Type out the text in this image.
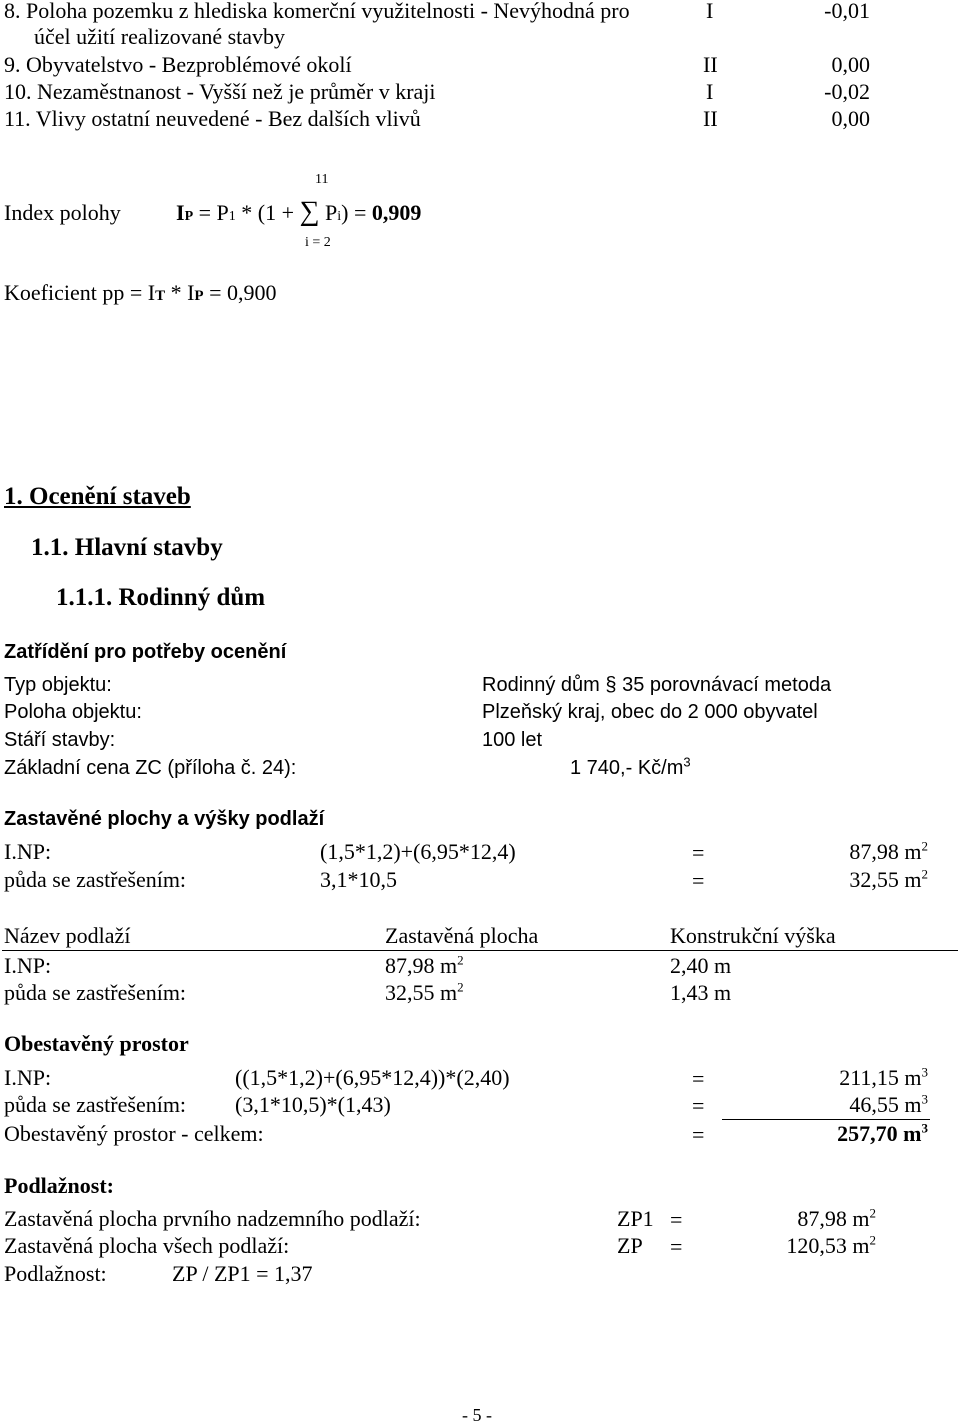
8. Poloha pozemku z hlediska komerční využitelnosti - Nevýhodná pro
účel užití realizované stavby
I	-0,01
9. Obyvatelstvo - Bezproblémové okolí	II	0,00
10. Nezaměstnanost - Vyšší než je průměr v kraji	I	-0,02
11. Vlivy ostatní neuvedené - Bez dalších vlivů	II	0,00
Index polohy
11
i = 2
IP = P1 * (1 + ∑ Pi) = 0,909
Koeficient pp = IT * IP = 0,900
1. Ocenění staveb
1.1. Hlavní stavby
1.1.1. Rodinný dům
Zatřídění pro potřeby ocenění
Typ objektu:	Rodinný dům § 35 porovnávací metoda
Poloha objektu:	Plzeňský kraj, obec do 2 000 obyvatel
Stáří stavby:	100 let
Základní cena ZC (příloha č. 24):	1 740,- $Kč/m^3$
Zastavěné plochy a výšky podlaží
I.NP:	(1,5*1,2)+(6,95*12,4)	=	87,98 $m^2$
půda se zastřešením:	3,1*10,5	=	32,55 $m^2$
Název podlaží	Zastavěná plocha	Konstrukční výška
I.NP:	87,98 $m^2$	2,40 m
půda se zastřešením:	32,55 $m^2$	1,43 m
Obestavěný prostor
I.NP:	((1,5*1,2)+(6,95*12,4))*(2,40)	=	211,15 $m^3$
půda se zastřešením: (3,1*10,5)*(1,43)	=	46,55 $m^3$
Obestavěný prostor - celkem:	=	257,70 $m^3$
Podlažnost:
Zastavěná plocha prvního nadzemního podlaží:	ZP1 =	87,98 $m^2$
Zastavěná plocha všech podlaží:	ZP =	120,53 $m^2$
Podlažnost:	ZP / ZP1 = 1,37
- 5 -
